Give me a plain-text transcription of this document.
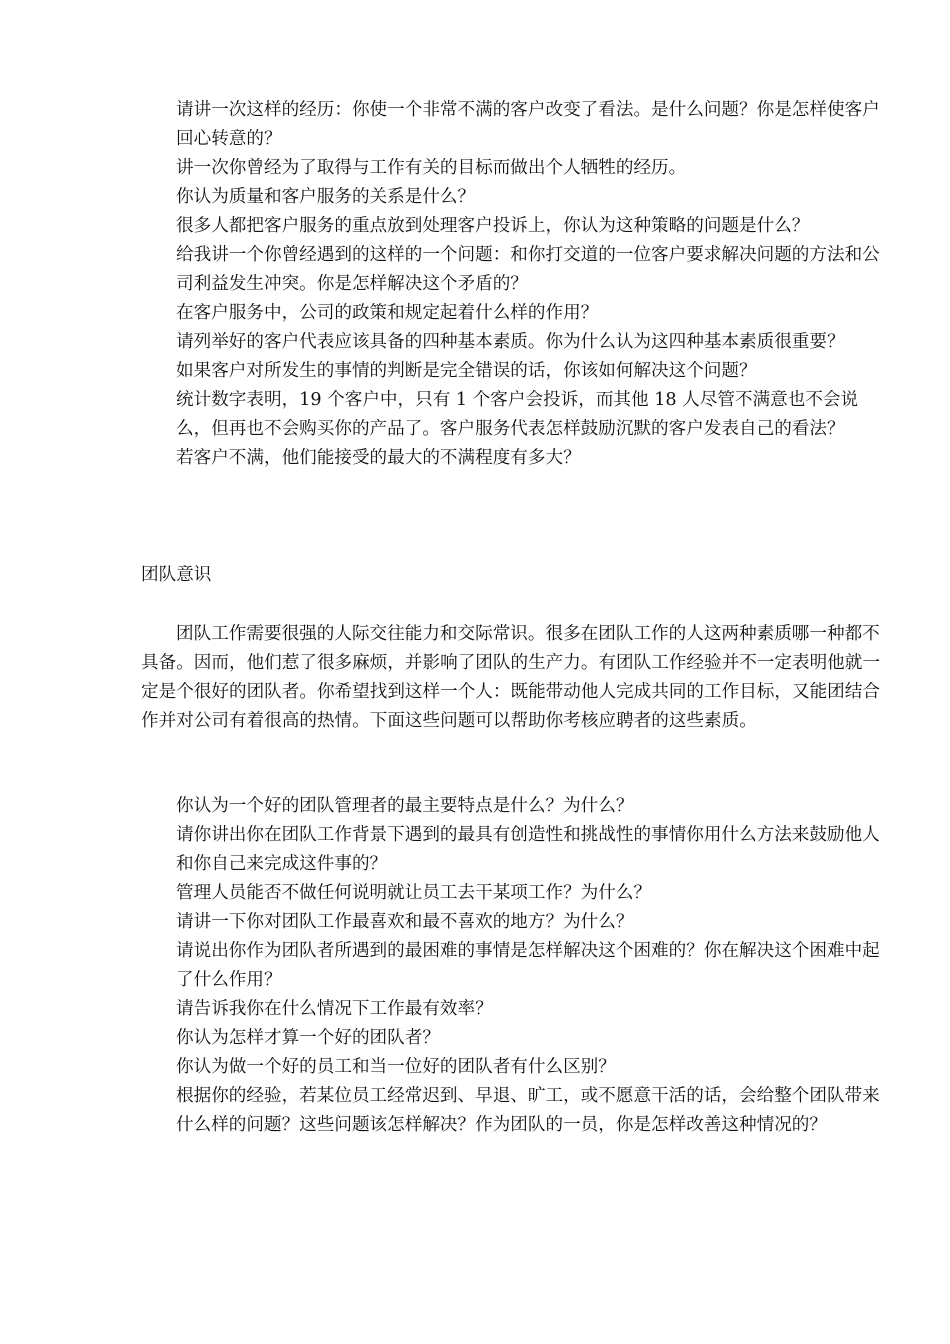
请讲一次这样的经历：你使一个非常不满的客户改变了看法。是什么问题？你是怎样使客户回心转意的？
讲一次你曾经为了取得与工作有关的目标而做出个人牺牲的经历。
你认为质量和客户服务的关系是什么？
很多人都把客户服务的重点放到处理客户投诉上，你认为这种策略的问题是什么？
给我讲一个你曾经遇到的这样的一个问题：和你打交道的一位客户要求解决问题的方法和公司利益发生冲突。你是怎样解决这个矛盾的？
在客户服务中，公司的政策和规定起着什么样的作用？
请列举好的客户代表应该具备的四种基本素质。你为什么认为这四种基本素质很重要？
如果客户对所发生的事情的判断是完全错误的话，你该如何解决这个问题？
统计数字表明，19 个客户中，只有 1 个客户会投诉，而其他 18 人尽管不满意也不会说么，但再也不会购买你的产品了。客户服务代表怎样鼓励沉默的客户发表自己的看法？
若客户不满，他们能接受的最大的不满程度有多大？
团队意识

团队工作需要很强的人际交往能力和交际常识。很多在团队工作的人这两种素质哪一种都不具备。因而，他们惹了很多麻烦，并影响了团队的生产力。有团队工作经验并不一定表明他就一定是个很好的团队者。你希望找到这样一个人：既能带动他人完成共同的工作目标，又能团结合作并对公司有着很高的热情。下面这些问题可以帮助你考核应聘者的这些素质。

你认为一个好的团队管理者的最主要特点是什么？为什么？
请你讲出你在团队工作背景下遇到的最具有创造性和挑战性的事情你用什么方法来鼓励他人和你自己来完成这件事的？
管理人员能否不做任何说明就让员工去干某项工作？为什么？
请讲一下你对团队工作最喜欢和最不喜欢的地方？为什么？
请说出你作为团队者所遇到的最困难的事情是怎样解决这个困难的？你在解决这个困难中起了什么作用？
请告诉我你在什么情况下工作最有效率？
你认为怎样才算一个好的团队者？
你认为做一个好的员工和当一位好的团队者有什么区别？
根据你的经验，若某位员工经常迟到、早退、旷工，或不愿意干活的话，会给整个团队带来什么样的问题？这些问题该怎样解决？作为团队的一员，你是怎样改善这种情况的？
